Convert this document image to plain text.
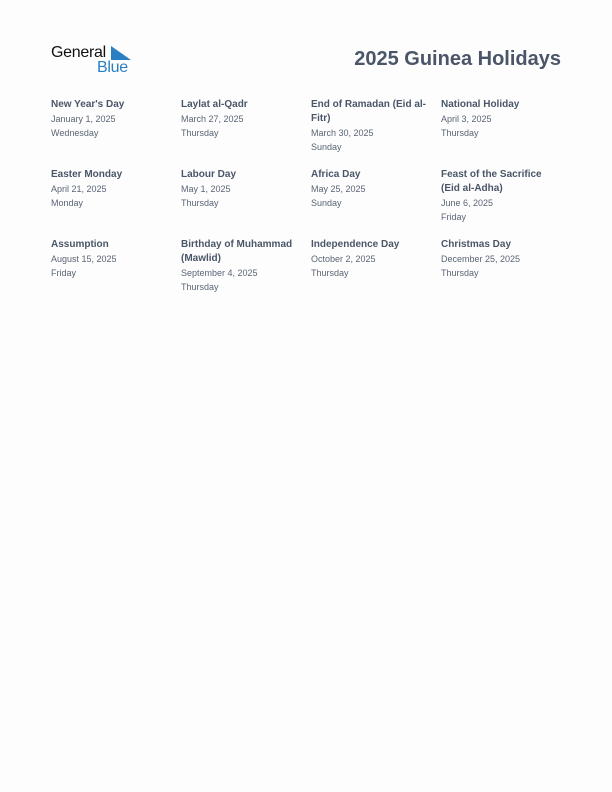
General
Blue	2025 Guinea Holidays
New Year's Day
January 1, 2025
Wednesday
Laylat al-Qadr
March 27, 2025
Thursday
End of Ramadan (Eid al-Fitr)
March 30, 2025
Sunday
National Holiday
April 3, 2025
Thursday
Easter Monday
April 21, 2025
Monday
Labour Day
May 1, 2025
Thursday
Africa Day
May 25, 2025
Sunday
Feast of the Sacrifice (Eid al-Adha)
June 6, 2025
Friday
Assumption
August 15, 2025
Friday
Birthday of Muhammad (Mawlid)
September 4, 2025
Thursday
Independence Day
October 2, 2025
Thursday
Christmas Day
December 25, 2025
Thursday
